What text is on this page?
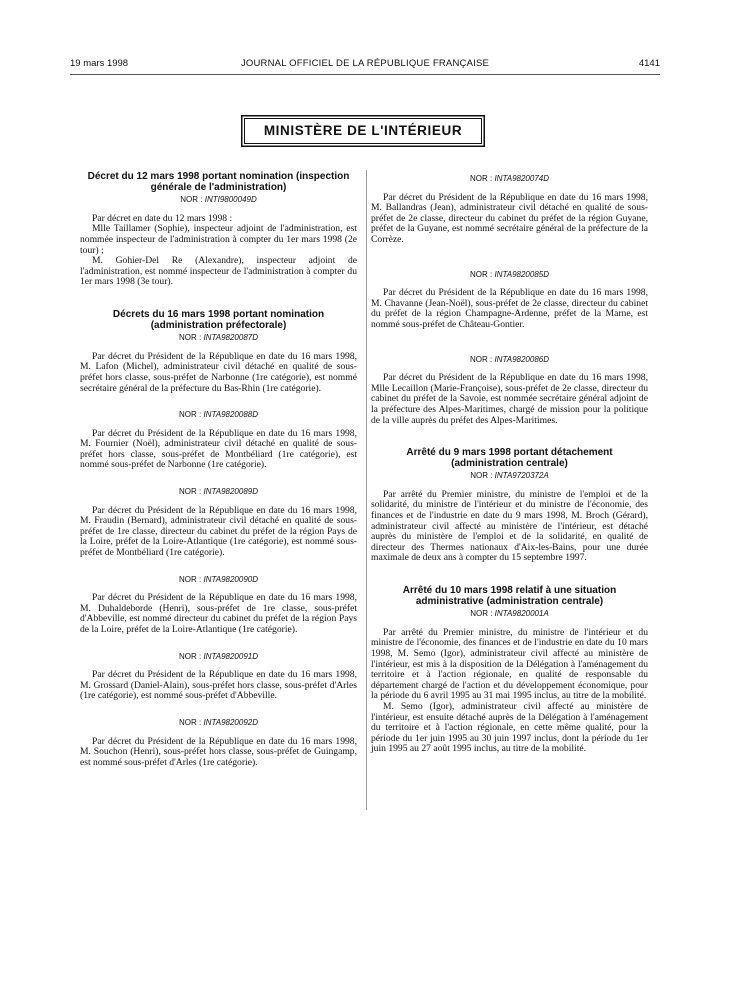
19 mars 1998	JOURNAL OFFICIEL DE LA RÉPUBLIQUE FRANÇAISE	4141
MINISTÈRE DE L'INTÉRIEUR

Décret du 12 mars 1998 portant nomination (inspection générale de l'administration)

NOR : INTI9800049D

Par décret en date du 12 mars 1998 :

Mlle Taillamer (Sophie), inspecteur adjoint de l'administration, est nommée inspecteur de l'administration à compter du 1er mars 1998 (2e tour) ;

M. Gohier-Del Re (Alexandre), inspecteur adjoint de l'administration, est nommé inspecteur de l'administration à compter du 1er mars 1998 (3e tour).

Décrets du 16 mars 1998 portant nomination (administration préfectorale)

NOR : INTA9820087D

Par décret du Président de la République en date du 16 mars 1998, M. Lafon (Michel), administrateur civil détaché en qualité de sous-préfet hors classe, sous-préfet de Narbonne (1re catégorie), est nommé secrétaire général de la préfecture du Bas-Rhin (1re catégorie).

NOR : INTA9820088D

Par décret du Président de la République en date du 16 mars 1998, M. Fournier (Noël), administrateur civil détaché en qualité de sous-préfet hors classe, sous-préfet de Montbéliard (1re catégorie), est nommé sous-préfet de Narbonne (1re catégorie).

NOR : INTA9820089D

Par décret du Président de la République en date du 16 mars 1998, M. Fraudin (Bernard), administrateur civil détaché en qualité de sous-préfet de 1re classe, directeur du cabinet du préfet de la région Pays de la Loire, préfet de la Loire-Atlantique (1re catégorie), est nommé sous-préfet de Montbéliard (1re catégorie).

NOR : INTA9820090D

Par décret du Président de la République en date du 16 mars 1998, M. Duhaldeborde (Henri), sous-préfet de 1re classe, sous-préfet d'Abbeville, est nommé directeur du cabinet du préfet de la région Pays de la Loire, préfet de la Loire-Atlantique (1re catégorie).

NOR : INTA9820091D

Par décret du Président de la République en date du 16 mars 1998, M. Grossard (Daniel-Alain), sous-préfet hors classe, sous-préfet d'Arles (1re catégorie), est nommé sous-préfet d'Abbeville.

NOR : INTA9820092D

Par décret du Président de la République en date du 16 mars 1998, M. Souchon (Henri), sous-préfet hors classe, sous-préfet de Guingamp, est nommé sous-préfet d'Arles (1re catégorie).

NOR : INTA9820074D

Par décret du Président de la République en date du 16 mars 1998, M. Ballandras (Jean), administrateur civil détaché en qualité de sous-préfet de 2e classe, directeur du cabinet du préfet de la région Guyane, préfet de la Guyane, est nommé secrétaire général de la préfecture de la Corrèze.

NOR : INTA9820085D

Par décret du Président de la République en date du 16 mars 1998, M. Chavanne (Jean-Noël), sous-préfet de 2e classe, directeur du cabinet du préfet de la région Champagne-Ardenne, préfet de la Marne, est nommé sous-préfet de Château-Gontier.

NOR : INTA9820086D

Par décret du Président de la République en date du 16 mars 1998, Mlle Lecaillon (Marie-Françoise), sous-préfet de 2e classe, directeur du cabinet du préfet de la Savoie, est nommée secrétaire général adjoint de la préfecture des Alpes-Maritimes, chargé de mission pour la politique de la ville auprès du préfet des Alpes-Maritimes.

Arrêté du 9 mars 1998 portant détachement (administration centrale)

NOR : INTA9720372A

Par arrêté du Premier ministre, du ministre de l'emploi et de la solidarité, du ministre de l'intérieur et du ministre de l'économie, des finances et de l'industrie en date du 9 mars 1998, M. Broch (Gérard), administrateur civil affecté au ministère de l'intérieur, est détaché auprès du ministère de l'emploi et de la solidarité, en qualité de directeur des Thermes nationaux d'Aix-les-Bains, pour une durée maximale de deux ans à compter du 15 septembre 1997.

Arrêté du 10 mars 1998 relatif à une situation administrative (administration centrale)

NOR : INTA9820001A

Par arrêté du Premier ministre, du ministre de l'intérieur et du ministre de l'économie, des finances et de l'industrie en date du 10 mars 1998, M. Semo (Igor), administrateur civil affecté au ministère de l'intérieur, est mis à la disposition de la Délégation à l'aménagement du territoire et à l'action régionale, en qualité de responsable du département chargé de l'action et du développement économique, pour la période du 6 avril 1995 au 31 mai 1995 inclus, au titre de la mobilité.

M. Semo (Igor), administrateur civil affecté au ministère de l'intérieur, est ensuite détaché auprès de la Délégation à l'aménagement du territoire et à l'action régionale, en cette même qualité, pour la période du 1er juin 1995 au 30 juin 1997 inclus, dont la période du 1er juin 1995 au 27 août 1995 inclus, au titre de la mobilité.
